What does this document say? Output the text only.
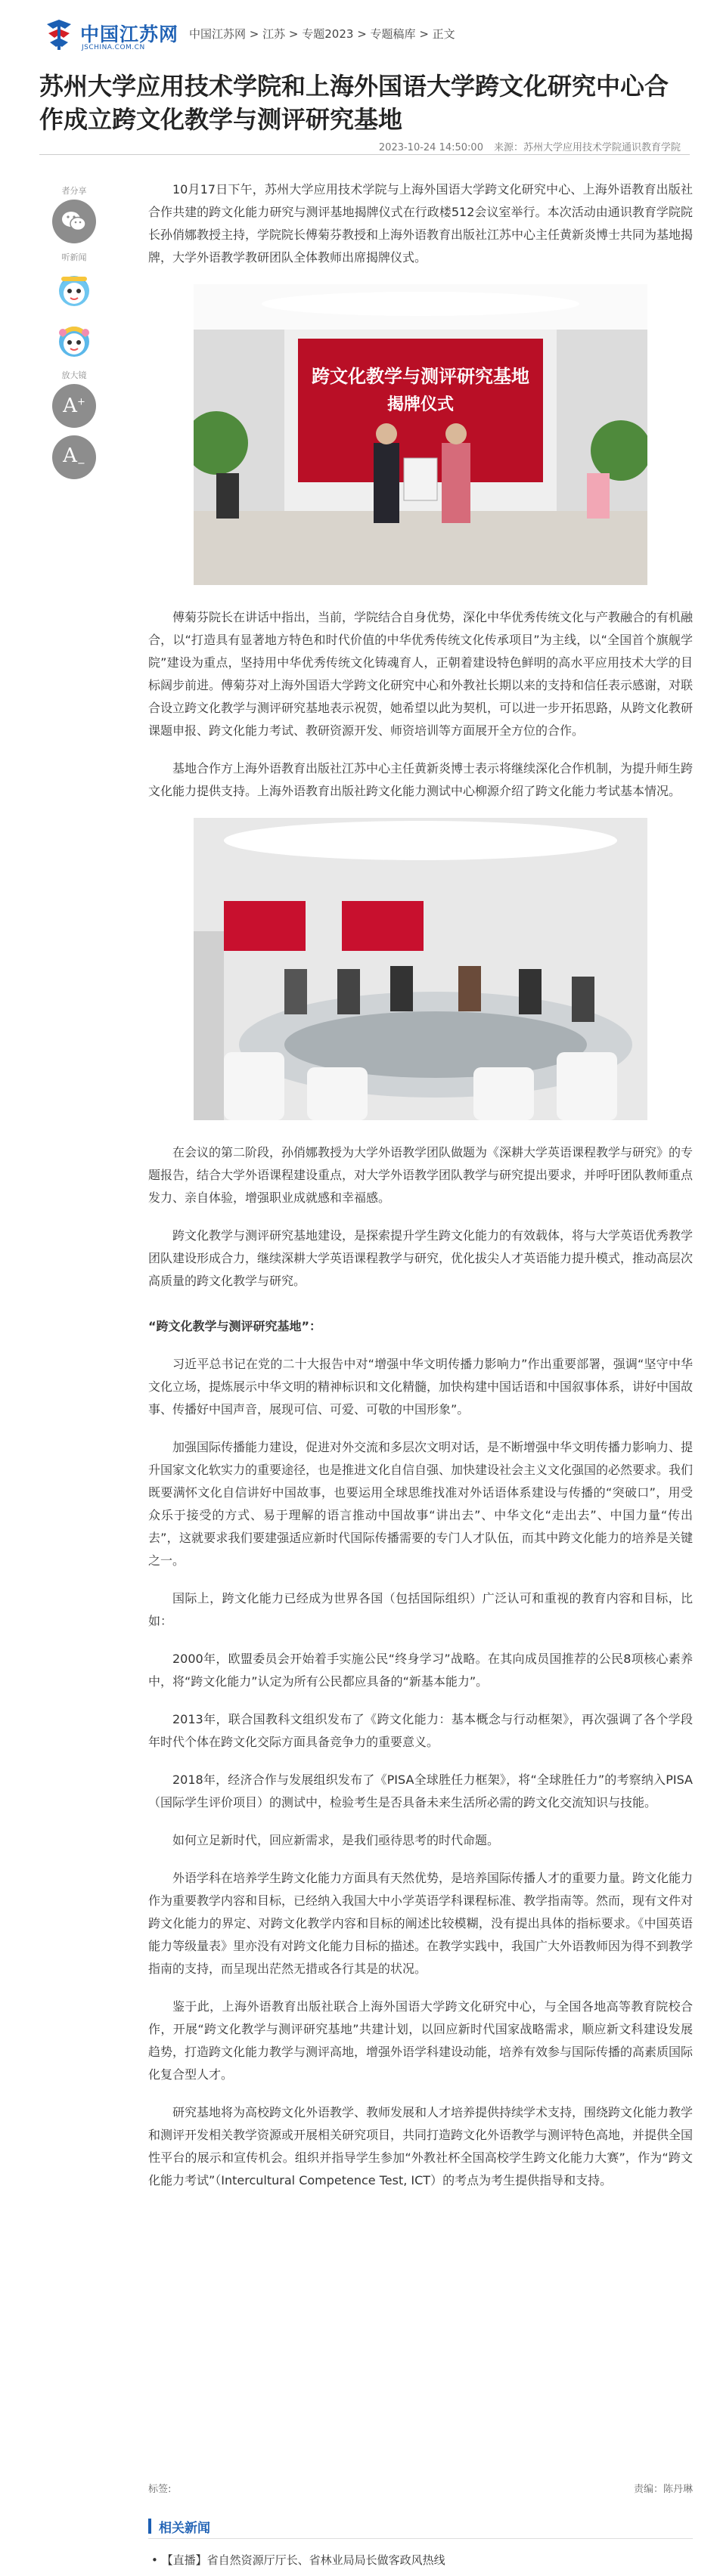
中国江苏网
JSCHINA.COM.CN
中国江苏网 > 江苏 > 专题2023 > 专题稿库 > 正文
苏州大学应用技术学院和上海外国语大学跨文化研究中心合作成立跨文化教学与测评研究基地
2023-10-24 14:50:00 来源：苏州大学应用技术学院通识教育学院
者分享
听新闻
放大镜
A+
$A_-$

10月17日下午，苏州大学应用技术学院与上海外国语大学跨文化研究中心、上海外语教育出版社合作共建的跨文化能力研究与测评基地揭牌仪式在行政楼512会议室举行。本次活动由通识教育学院院长孙俏娜教授主持，学院院长傅菊芬教授和上海外语教育出版社江苏中心主任黄新炎博士共同为基地揭牌，大学外语教学教研团队全体教师出席揭牌仪式。

跨文化教学与测评研究基地
揭牌仪式

傅菊芬院长在讲话中指出，当前，学院结合自身优势，深化中华优秀传统文化与产教融合的有机融合，以“打造具有显著地方特色和时代价值的中华优秀传统文化传承项目”为主线，以“全国首个旗舰学院”建设为重点，坚持用中华优秀传统文化铸魂育人，正朝着建设特色鲜明的高水平应用技术大学的目标阔步前进。傅菊芬对上海外国语大学跨文化研究中心和外教社长期以来的支持和信任表示感谢，对联合设立跨文化教学与测评研究基地表示祝贺，她希望以此为契机，可以进一步开拓思路，从跨文化教研课题申报、跨文化能力考试、教研资源开发、师资培训等方面展开全方位的合作。

基地合作方上海外语教育出版社江苏中心主任黄新炎博士表示将继续深化合作机制，为提升师生跨文化能力提供支持。上海外语教育出版社跨文化能力测试中心柳源介绍了跨文化能力考试基本情况。

在会议的第二阶段，孙俏娜教授为大学外语教学团队做题为《深耕大学英语课程教学与研究》的专题报告，结合大学外语课程建设重点，对大学外语教学团队教学与研究提出要求，并呼吁团队教师重点发力、亲自体验，增强职业成就感和幸福感。

跨文化教学与测评研究基地建设，是探索提升学生跨文化能力的有效载体，将与大学英语优秀教学团队建设形成合力，继续深耕大学英语课程教学与研究，优化拔尖人才英语能力提升模式，推动高层次高质量的跨文化教学与研究。

“跨文化教学与测评研究基地”：

习近平总书记在党的二十大报告中对“增强中华文明传播力影响力”作出重要部署，强调“坚守中华文化立场，提炼展示中华文明的精神标识和文化精髓，加快构建中国话语和中国叙事体系，讲好中国故事、传播好中国声音，展现可信、可爱、可敬的中国形象”。

加强国际传播能力建设，促进对外交流和多层次文明对话，是不断增强中华文明传播力影响力、提升国家文化软实力的重要途径，也是推进文化自信自强、加快建设社会主义文化强国的必然要求。我们既要满怀文化自信讲好中国故事，也要运用全球思维找准对外话语体系建设与传播的“突破口”，用受众乐于接受的方式、易于理解的语言推动中国故事“讲出去”、中华文化“走出去”、中国力量“传出去”，这就要求我们要建强适应新时代国际传播需要的专门人才队伍，而其中跨文化能力的培养是关键之一。

国际上，跨文化能力已经成为世界各国（包括国际组织）广泛认可和重视的教育内容和目标，比如：

2000年，欧盟委员会开始着手实施公民“终身学习”战略。在其向成员国推荐的公民8项核心素养中，将“跨文化能力”认定为所有公民都应具备的“新基本能力”。

2013年，联合国教科文组织发布了《跨文化能力：基本概念与行动框架》，再次强调了各个学段年时代个体在跨文化交际方面具备竞争力的重要意义。

2018年，经济合作与发展组织发布了《PISA全球胜任力框架》，将“全球胜任力”的考察纳入PISA（国际学生评价项目）的测试中，检验考生是否具备未来生活所必需的跨文化交流知识与技能。

如何立足新时代，回应新需求，是我们亟待思考的时代命题。

外语学科在培养学生跨文化能力方面具有天然优势，是培养国际传播人才的重要力量。跨文化能力作为重要教学内容和目标，已经纳入我国大中小学英语学科课程标准、教学指南等。然而，现有文件对跨文化能力的界定、对跨文化教学内容和目标的阐述比较模糊，没有提出具体的指标要求。《中国英语能力等级量表》里亦没有对跨文化能力目标的描述。在教学实践中，我国广大外语教师因为得不到教学指南的支持，而呈现出茫然无措或各行其是的状况。

鉴于此，上海外语教育出版社联合上海外国语大学跨文化研究中心，与全国各地高等教育院校合作，开展“跨文化教学与测评研究基地”共建计划，以回应新时代国家战略需求，顺应新文科建设发展趋势，打造跨文化能力教学与测评高地，增强外语学科建设动能，培养有效参与国际传播的高素质国际化复合型人才。

研究基地将为高校跨文化外语教学、教师发展和人才培养提供持续学术支持，围绕跨文化能力教学和测评开发相关教学资源或开展相关研究项目，共同打造跨文化外语教学与测评特色高地，并提供全国性平台的展示和宣传机会。组织并指导学生参加“外教社杯全国高校学生跨文化能力大赛”，作为“跨文化能力考试”（Intercultural Competence Test, ICT）的考点为考生提供指导和支持。

标签:	责编：陈丹琳
相关新闻
• 【直播】省自然资源厅厅长、省林业局局长做客政风热线
